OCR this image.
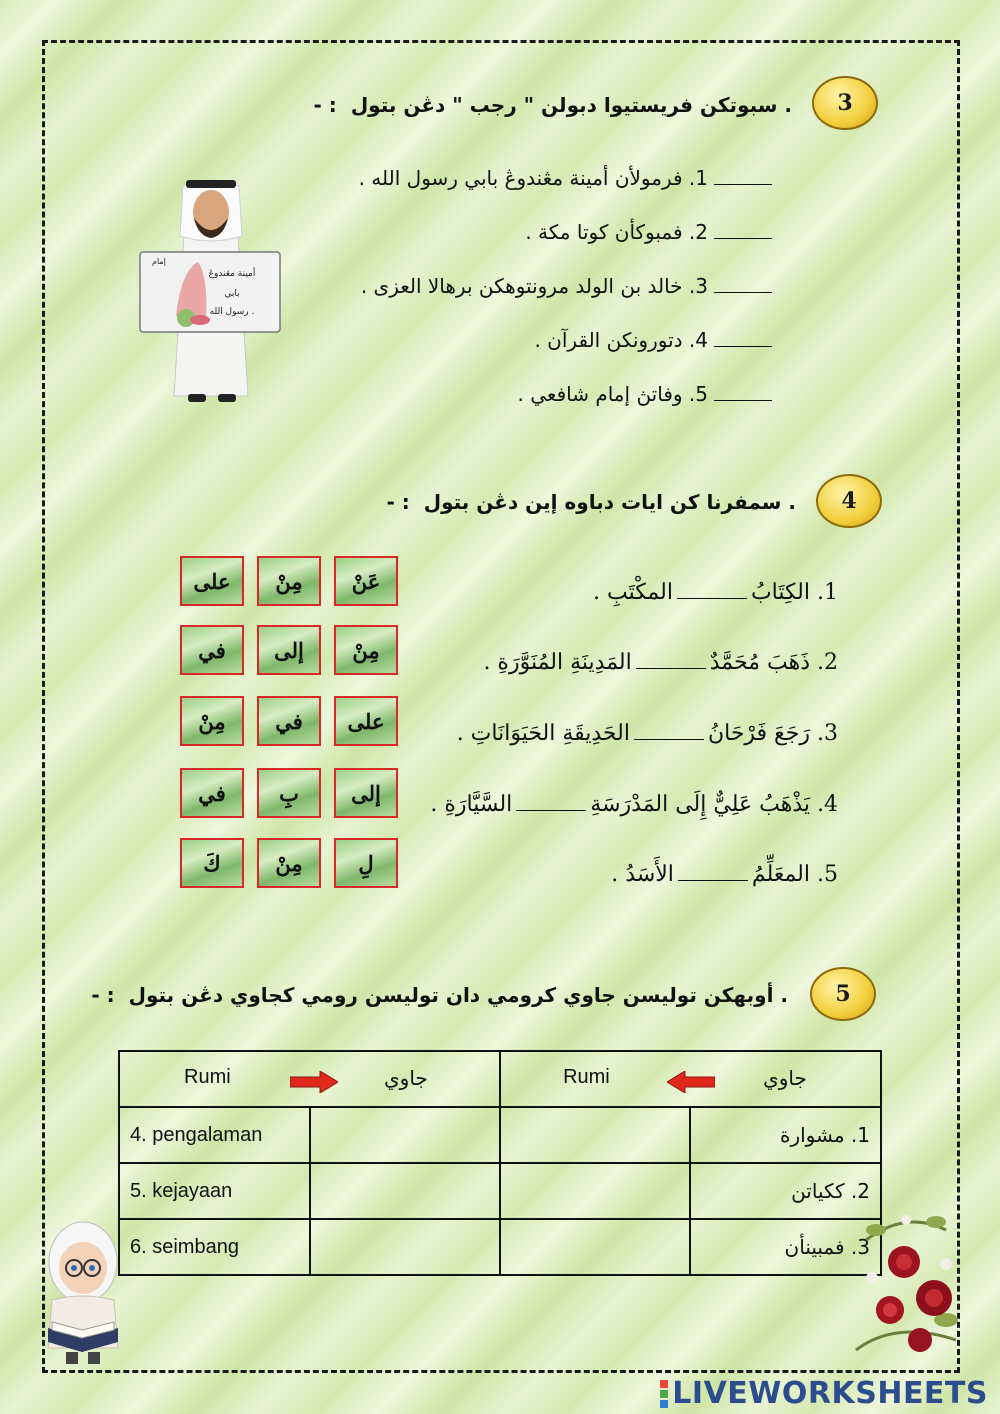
3
. سبوتكن فريستيوا دبولن " رجب " دڠن بتول: -
1. فرمولأن أمينة مڠندوڠ بابي رسول الله .
2. فمبوكأن كوتا مكة .
3. خالد بن الولد مرونتوهكن برهالا العزى .
4. دتورونكن القرآن .
5. وفاتڽ إمام شافعي .
أمينة مڠندوڠ
بابي
رسول الله .
إمام
4
. سمفرنا كن ايات دباوه إين دڠن بتول: -
1. الكِتَابُالمكْتَبِ .
2. ذَهَبَ مُحَمَّدٌالمَدِينَةِ المُنَوَّرَةِ .
3. رَجَعَ فَرْحَانُالحَدِيقَةِ الحَيَوَانَاتِ .
4. يَذْهَبُ عَلِيٌّ إِلَى المَدْرَسَةِالسَّيَّارَةِ .
5. المعَلِّمُالأَسَدُ .
عَنْ
مِنْ
على
مِنْ
إلى
في
على
في
مِنْ
إلى
بِ
في
لِ
مِنْ
كَ
5
. أوبهكن توليسن جاوي كرومي دان توليسن رومي كجاوي دڠن بتول: -
Rumi جاوي		Rumi جاوي	

4. pengalaman			1. مشوارة
5. kejayaan			2. ككياتن
6. seimbang			3. فمبينأن
LIVEWORKSHEETS
